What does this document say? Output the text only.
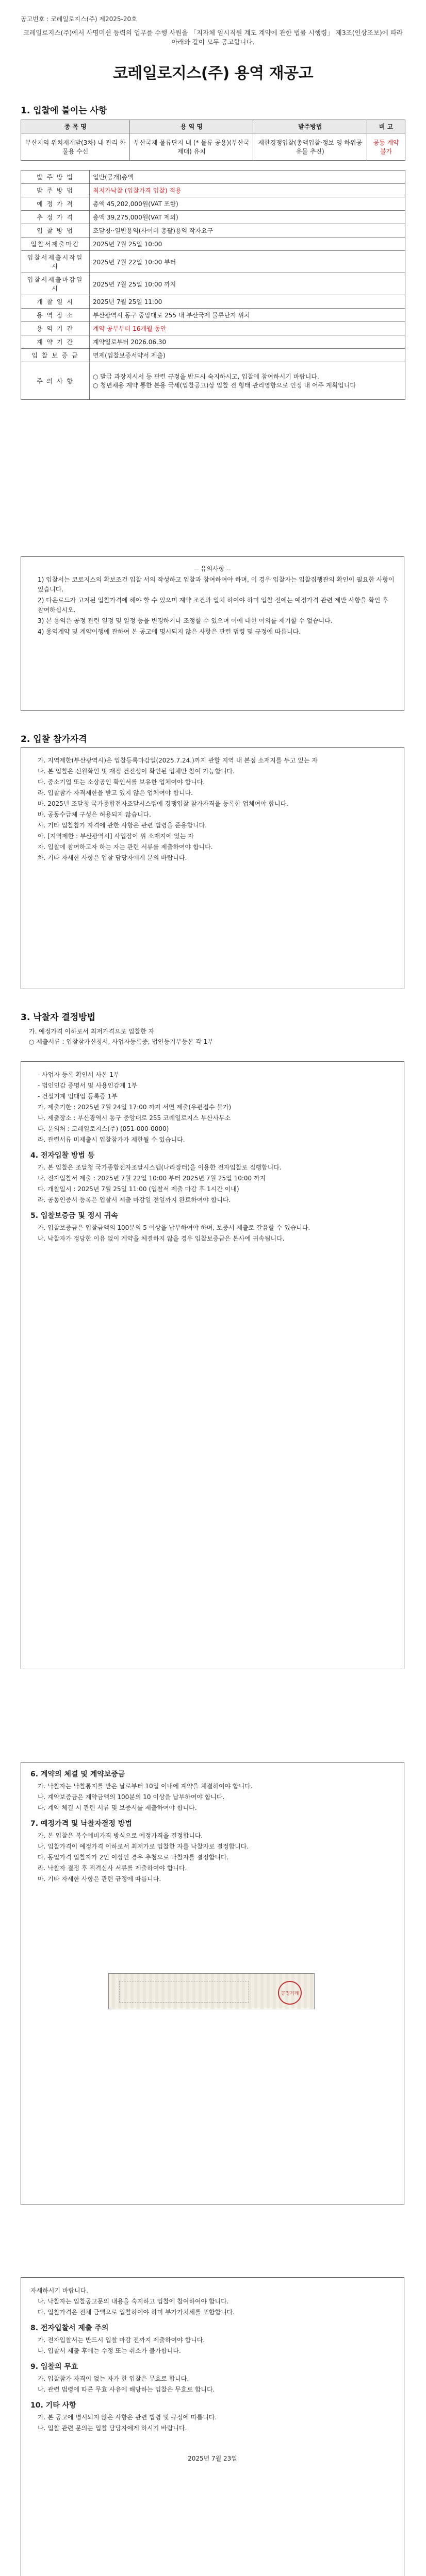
공고번호 : 코레일로지스(주) 제2025-20호
코레일로지스(주)에서 사명미션 등력의 업무를 수행 사원을 「지자체 임시직원 계도 계약에 관한 법률 시행령」 제3조(인상조보)에 따라 아래와 같이 모두 공고합니다.
코레일로지스(주) 용역 재공고
1. 입찰에 붙이는 사항
종 목 명	용 역 명	발주방법	비 고
부산지역 위치재개발(3차) 내 관리 화물용 수신	부산국제 물류단지 내 (* 물류 공용)(부산국제대) 유치	제한경쟁입찰(총액입찰·정보 영 하위공유물 추진)	공동 계약불가
발 주 방 법	일반(공개)총액
발 주 방 법	최저가낙찰 (입찰가격 입찰) 적용
예 정 가 격	총액 45,202,000원(VAT 포함)
추 정 가 격	총액 39,275,000원(VAT 제외)
입 찰 방 법	조달청··일반용역(사이버 총괄)용역 작자요구
입찰서제출마감	2025년 7월 25일 10:00
입찰서제출시작일시	2025년 7월 22일 10:00 부터
입찰서제출마감일시	2025년 7월 25일 10:00 까지
개 찰 일 시	2025년 7월 25일 11:00
용 역 장 소	부산광역시 동구 중앙대로 255 내 부산국제 물류단지 위치
용 역 기 간	계약 공부부터 16개월 동안
계 약 기 간	계약일로부터 2026.06.30
입 찰 보 증 금	면제(입찰보증서약서 제출)
주 의 사 항	○ 발급 과장지시서 등 관련 규정을 반드시 숙지하시고, 입찰에 참여하시기 바랍니다.
○ 청년채용 계약 통한 본용 국세(입찰공고)상 입찰 전 형태 관리영항으로 인정 내 어주 계획입니다
-- 유의사항 --

1) 입찰서는 코로지스의 확보조건 입찰 서의 작성하고 입찰과 참여하여야 하며, 이 경우 입찰자는 입찰집행관의 확인이 필요한 사항이 있습니다.

2) 다운로드가 고지된 입찰가격에 해야 할 수 있으며 계약 조건과 일치 하여야 하며 입찰 전에는 예정가격 관련 제반 사항을 확인 후 참여하십시오.

3) 본 용역은 공정 관련 일정 및 일정 등을 변경하거나 조정할 수 있으며 이에 대한 이의를 제기할 수 없습니다.

4) 용역계약 및 계약이행에 관하여 본 공고에 명시되지 않은 사항은 관련 법령 및 규정에 따릅니다.

2. 입찰 참가자격

가. 지역제한(부산광역시)은 입찰등록마감일(2025.7.24.)까지 관할 지역 내 본점 소재지를 두고 있는 자

나. 본 입찰은 신원확인 및 재정 건전성이 확인된 업체만 참여 가능합니다.

다. 중소기업 또는 소상공인 확인서를 보유한 업체여야 합니다.

라. 입찰참가 자격제한을 받고 있지 않은 업체여야 합니다.

마. 2025년 조달청 국가종합전자조달시스템에 경쟁입찰 참가자격을 등록한 업체여야 합니다.

바. 공동수급체 구성은 허용되지 않습니다.

사. 기타 입찰참가 자격에 관한 사항은 관련 법령을 준용합니다.

아. [지역제한 : 부산광역시] 사업장이 위 소재지에 있는 자

자. 입찰에 참여하고자 하는 자는 관련 서류를 제출하여야 합니다.

차. 기타 자세한 사항은 입찰 담당자에게 문의 바랍니다.

3. 낙찰자 결정방법
가. 예정가격 이하로서 최저가격으로 입찰한 자
○ 제출서류 : 입찰참가신청서, 사업자등록증, 법인등기부등본 각 1부

- 사업자 등록 확인서 사본 1부

- 법인인감 증명서 및 사용인감계 1부

- 건설기계 임대업 등록증 1부

가. 제출기한 : 2025년 7월 24일 17:00 까지 서면 제출(우편접수 불가)

나. 제출장소 : 부산광역시 동구 중앙대로 255 코레일로지스 부산사무소

다. 문의처 : 코레일로지스(주) (051-000-0000)

라. 관련서류 미제출시 입찰참가가 제한될 수 있습니다.

4. 전자입찰 방법 등

가. 본 입찰은 조달청 국가종합전자조달시스템(나라장터)을 이용한 전자입찰로 집행합니다.

나. 전자입찰서 제출 : 2025년 7월 22일 10:00 부터 2025년 7월 25일 10:00 까지

다. 개찰일시 : 2025년 7월 25일 11:00 (입찰서 제출 마감 후 1시간 이내)

라. 공동인증서 등록은 입찰서 제출 마감일 전일까지 완료하여야 합니다.

5. 입찰보증금 및 정시 귀속

가. 입찰보증금은 입찰금액의 100분의 5 이상을 납부하여야 하며, 보증서 제출로 갈음할 수 있습니다.

나. 낙찰자가 정당한 이유 없이 계약을 체결하지 않을 경우 입찰보증금은 본사에 귀속됩니다.

6. 계약의 체결 및 계약보증금

가. 낙찰자는 낙찰통지를 받은 날로부터 10일 이내에 계약을 체결하여야 합니다.

나. 계약보증금은 계약금액의 100분의 10 이상을 납부하여야 합니다.

다. 계약 체결 시 관련 서류 및 보증서를 제출하여야 합니다.

7. 예정가격 및 낙찰자결정 방법

가. 본 입찰은 복수예비가격 방식으로 예정가격을 결정합니다.

나. 입찰가격이 예정가격 이하로서 최저가로 입찰한 자를 낙찰자로 결정합니다.

다. 동일가격 입찰자가 2인 이상인 경우 추첨으로 낙찰자를 결정합니다.

라. 낙찰자 결정 후 적격심사 서류를 제출하여야 합니다.

마. 기타 자세한 사항은 관련 규정에 따릅니다.

공정거래

자세하시기 바랍니다.

나. 낙찰자는 입찰공고문의 내용을 숙지하고 입찰에 참여하여야 합니다.

다. 입찰가격은 전체 금액으로 입찰하여야 하며 부가가치세를 포함합니다.

8. 전자입찰서 제출 주의

가. 전자입찰서는 반드시 입찰 마감 전까지 제출하여야 합니다.

나. 입찰서 제출 후에는 수정 또는 취소가 불가합니다.

9. 입찰의 무효

가. 입찰참가 자격이 없는 자가 한 입찰은 무효로 합니다.

나. 관련 법령에 따른 무효 사유에 해당하는 입찰은 무효로 합니다.

10. 기타 사항

가. 본 공고에 명시되지 않은 사항은 관련 법령 및 규정에 따릅니다.

나. 입찰 관련 문의는 입찰 담당자에게 하시기 바랍니다.

2025년 7월 23일
